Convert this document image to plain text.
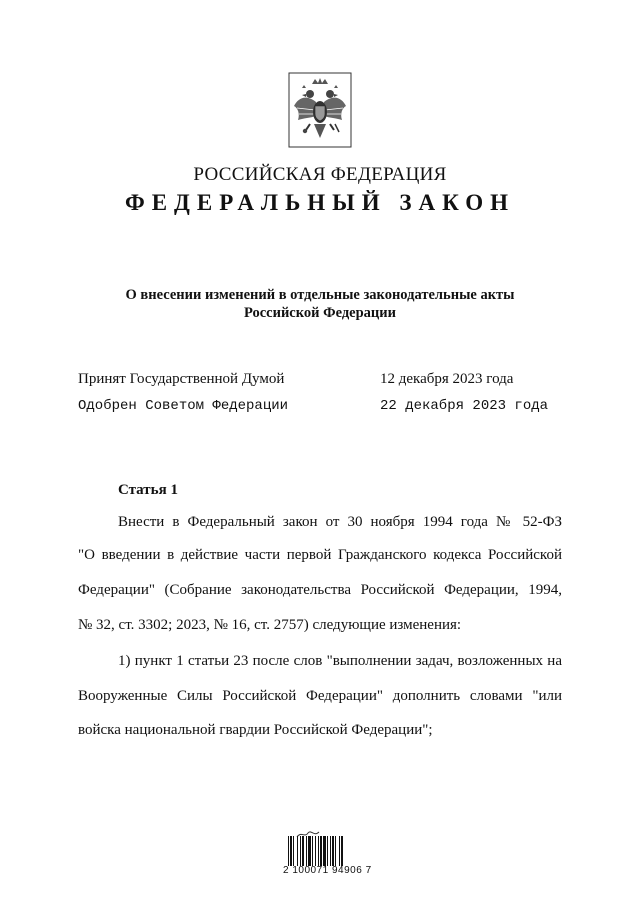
РОССИЙСКАЯ ФЕДЕРАЦИЯ
ФЕДЕРАЛЬНЫЙ ЗАКОН
О внесении изменений в отдельные законодательные акты
Российской Федерации
Принят Государственной Думой	12 декабря 2023 года
Одобрен Советом Федерации	22 декабря 2023 года
Статья 1
Внести в Федеральный закон от 30 ноября 1994 года № 52-ФЗ
"О введении в действие части первой Гражданского кодекса Российской
Федерации" (Собрание законодательства Российской Федерации, 1994,
№ 32, ст. 3302; 2023, № 16, ст. 2757) следующие изменения:
1) пункт 1 статьи 23 после слов "выполнении задач, возложенных на
Вооруженные Силы Российской Федерации" дополнить словами "или
войска национальной гвардии Российской Федерации";
2 100071 94906 7
